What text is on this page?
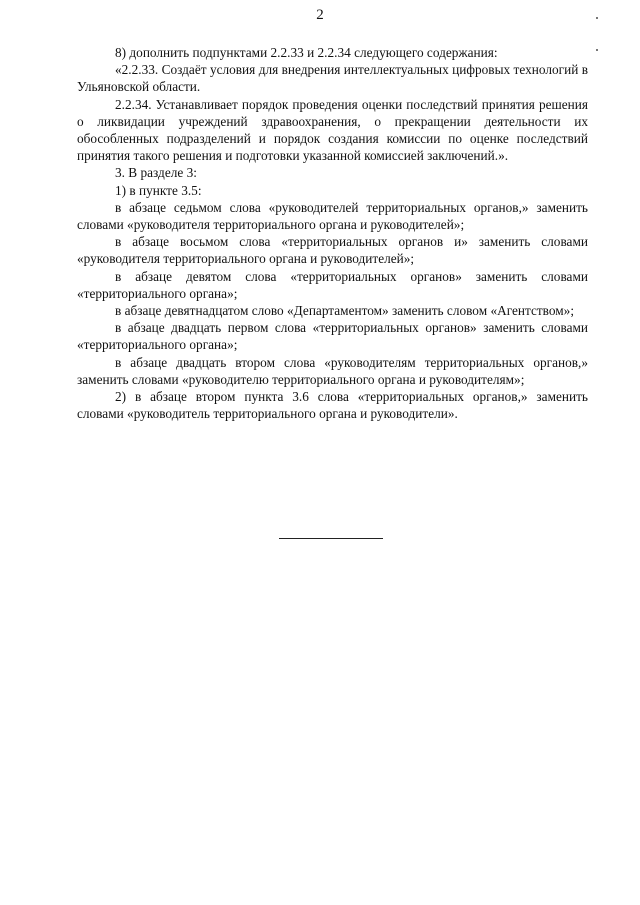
2

8) дополнить подпунктами 2.2.33 и 2.2.34 следующего содержания:

«2.2.33. Создаёт условия для внедрения интеллектуальных цифровых технологий в Ульяновской области.

2.2.34. Устанавливает порядок проведения оценки последствий принятия решения о ликвидации учреждений здравоохранения, о прекращении деятельности их обособленных подразделений и порядок создания комиссии по оценке последствий принятия такого решения и подготовки указанной комиссией заключений.».

3. В разделе 3:

1) в пункте 3.5:

в абзаце седьмом слова «руководителей территориальных органов,» заменить словами «руководителя территориального органа и руководителей»;

в абзаце восьмом слова «территориальных органов и» заменить словами «руководителя территориального органа и руководителей»;

в абзаце девятом слова «территориальных органов» заменить словами «территориального органа»;

в абзаце девятнадцатом слово «Департаментом» заменить словом «Агентством»;

в абзаце двадцать первом слова «территориальных органов» заменить словами «территориального органа»;

в абзаце двадцать втором слова «руководителям территориальных органов,» заменить словами «руководителю территориального органа и руководителям»;

2) в абзаце втором пункта 3.6 слова «территориальных органов,» заменить словами «руководитель территориального органа и руководители».
